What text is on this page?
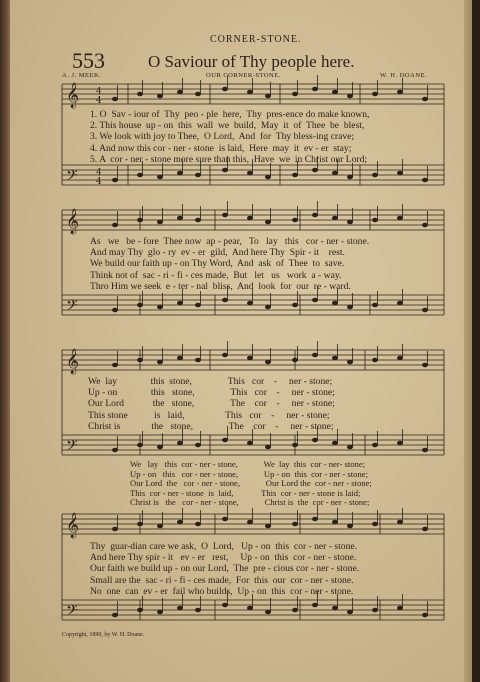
CORNER-STONE.
553	O Saviour of Thy people here.
A. J. MEEK.	OUR CORNER-STONE.	W. H. DOANE.
𝄞
𝄢
𝄞
𝄢
𝄞
𝄢
𝄞
𝄢
4
4
4
4
1. O  Sav - iour of  Thy  peo - ple  here,  Thy  pres-ence do make known,
2. This house  up - on  this  wall  we  build,  May  it  of  Thee  be  blest,
3. We look with joy to Thee,  O Lord,  And  for  Thy bless-ing crave;
4. And now this cor - ner - stone  is laid,  Here  may  it  ev - er  stay;
5. A  cor - ner - stone more sure than this,  Have  we  in Christ our Lord;
As   we   be - fore  Thee now  ap - pear,   To   lay   this   cor - ner - stone.
And may Thy  glo - ry  ev - er  gild,  And here Thy  Spir - it    rest.
We build our faith up - on Thy Word,  And  ask  of  Thee  to  save.
Think not of  sac - ri - fi - ces made,  But   let   us   work  a - way.
Thro Him we seek  e - ter - nal  bliss,  And  look  for  our  re - ward.
We  lay              this  stone,               This   cor    -     ner - stone;
Up - on              this   stone,               This   cor    -     ner - stone;
Our Lord            the   stone,               The    cor    -     ner - stone;
This stone           is   laid,                 This   cor    -     ner - stone;
Christ is             the   stone,               The    cor    -     ner - stone;
We   lay   this  cor - ner - stone,            We  lay  this  cor - ner- stone;
Up - on   this   cor - ner - stone,            Up - on  this  cor - ner - stone;
Our Lord  the   cor - ner - stone,            Our Lord the  cor - ner - stone;
This  cor - ner - stone  is  laid,             This  cor - ner - stone is laid;
Christ is   the   cor - ner - stone,            Christ is  the  cor - ner - stone;
Thy  guar-dian care we ask,  O  Lord,   Up - on  this  cor - ner - stone.
And here Thy spir - it   ev - er   rest,     Up - on  this  cor - ner - stone.
Our faith we build up - on our Lord,  The  pre - cious cor - ner - stone.
Small are the  sac - ri - fi - ces made,  For  this  our  cor - ner - stone.
No  one  can  ev - er  fail who builds,  Up - on  this  cor - ner - stone.
Copyright, 1890, by W. H. Doane.
